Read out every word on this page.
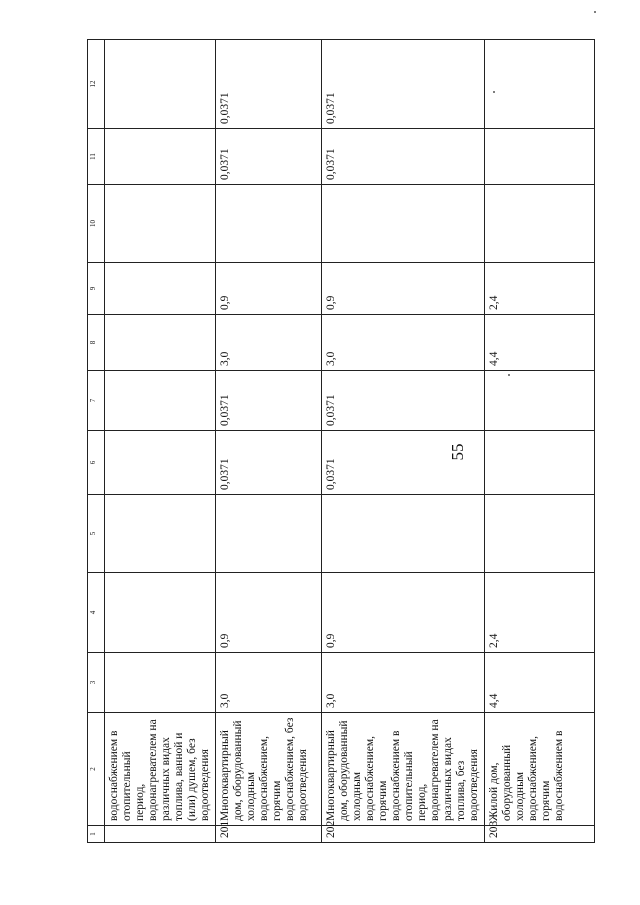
55
1	2	3	4	5	6	7	8	9	10	11	12
	водоснабжением в отопительный период, водонагревателем на различных видах топлива, ванной и (или) душем, без водоотведения										
201	Многоквартирный дом, оборудованный холодным водоснабжением, горячим водоснабжением, без водоотведения	3,0	0,9		0,0371	0,0371	3,0	0,9		0,0371	0,0371
202	Многоквартирный дом, оборудованный холодным водоснабжением, горячим водоснабжением в отопительный период, водонагревателем на различных видах топлива, без водоотведения	3,0	0,9		0,0371	0,0371	3,0	0,9		0,0371	0,0371
203	Жилой дом, оборудованный холодным водоснабжением, горячим водоснабжением в	4,4	2,4				4,4	2,4			
